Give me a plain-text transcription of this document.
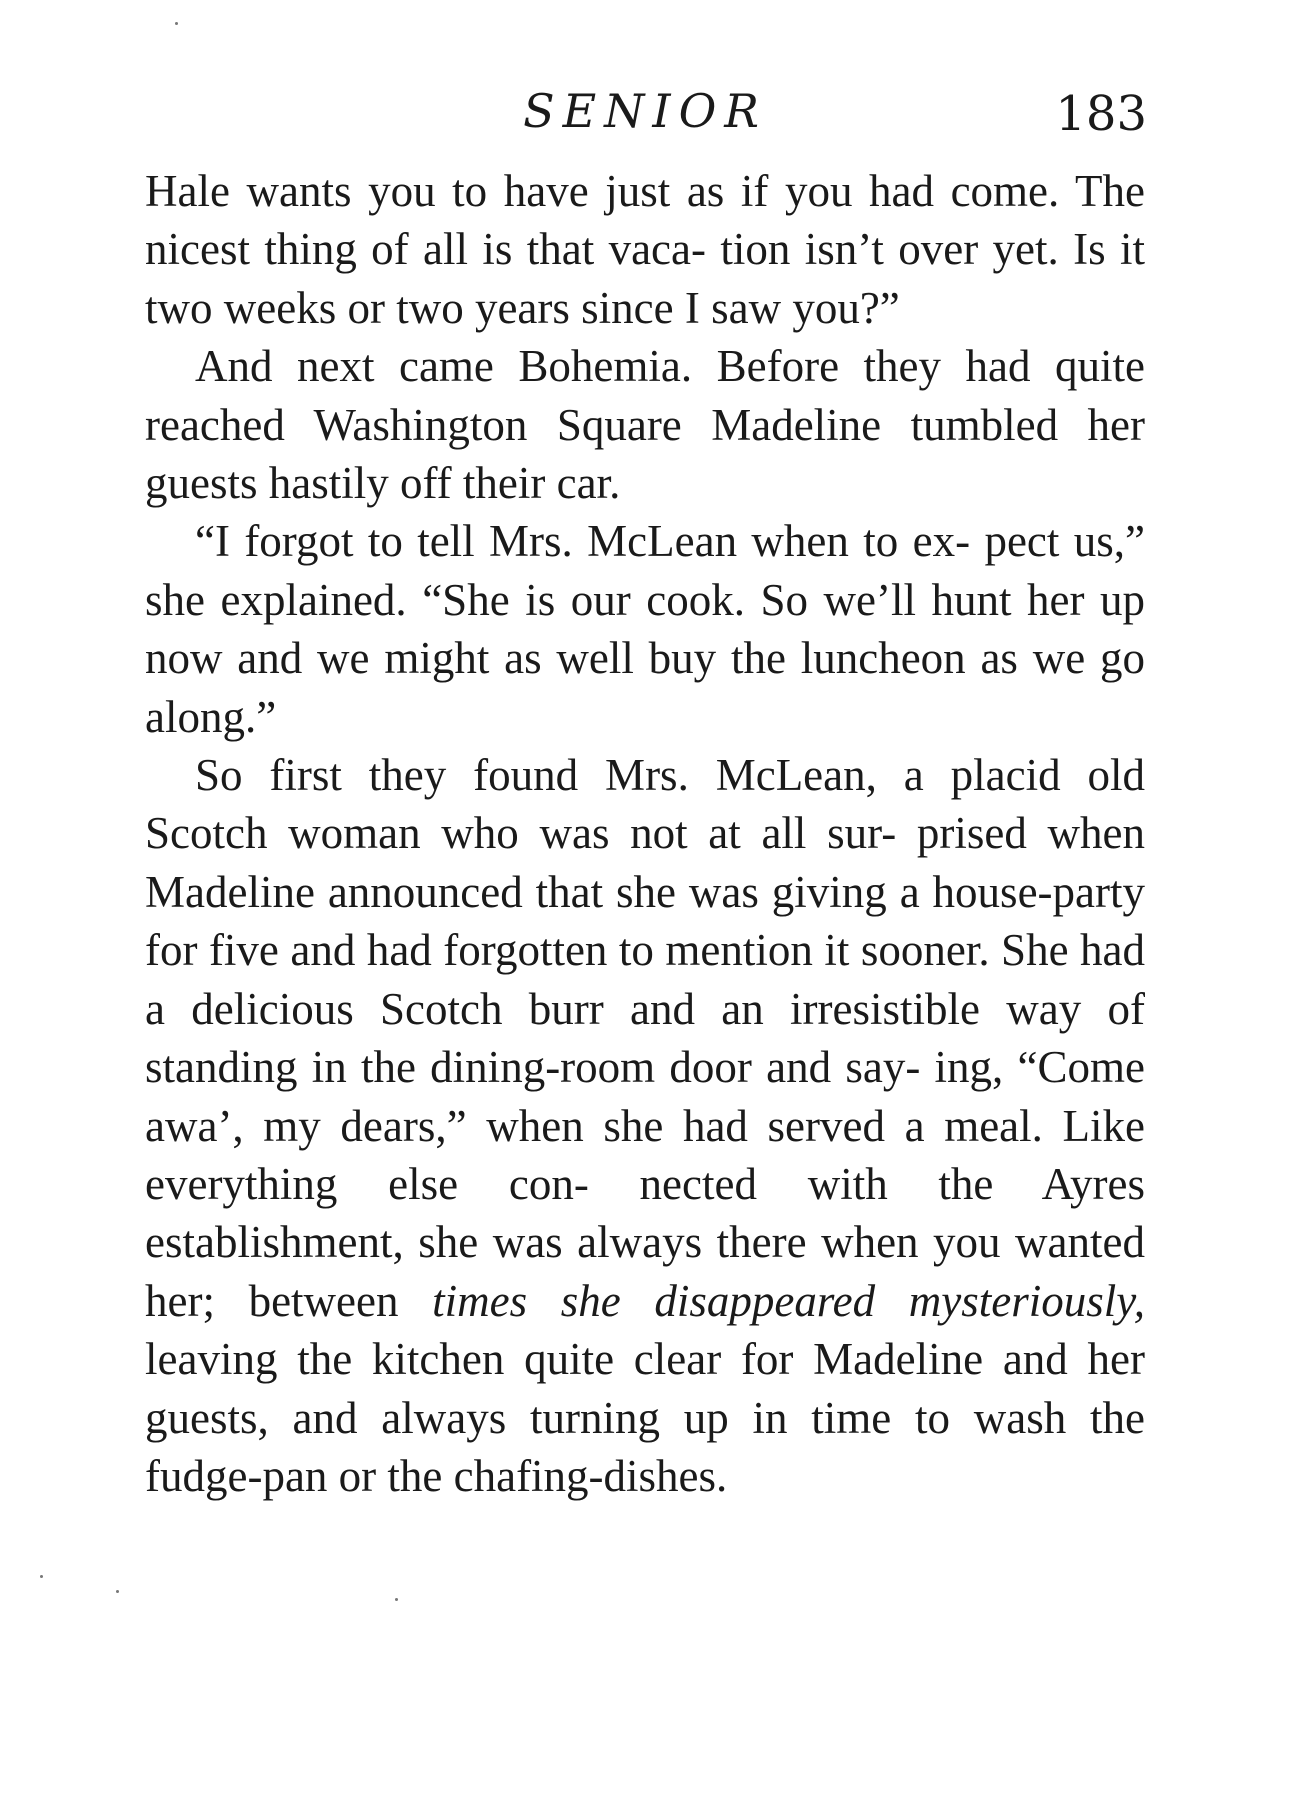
SENIOR	183

Hale wants you to have just as if you had come. The nicest thing of all is that vaca- tion isn’t over yet. Is it two weeks or two years since I saw you?”

And next came Bohemia. Before they had quite reached Washington Square Madeline tumbled her guests hastily off their car.

“I forgot to tell Mrs. McLean when to ex- pect us,” she explained. “She is our cook. So we’ll hunt her up now and we might as well buy the luncheon as we go along.”

So first they found Mrs. McLean, a placid old Scotch woman who was not at all sur- prised when Madeline announced that she was giving a house-party for five and had forgotten to mention it sooner. She had a delicious Scotch burr and an irresistible way of standing in the dining-room door and say- ing, “Come awa’, my dears,” when she had served a meal. Like everything else con- nected with the Ayres establishment, she was always there when you wanted her; between times she disappeared mysteriously, leaving the kitchen quite clear for Madeline and her guests, and always turning up in time to wash the fudge-pan or the chafing-dishes.
